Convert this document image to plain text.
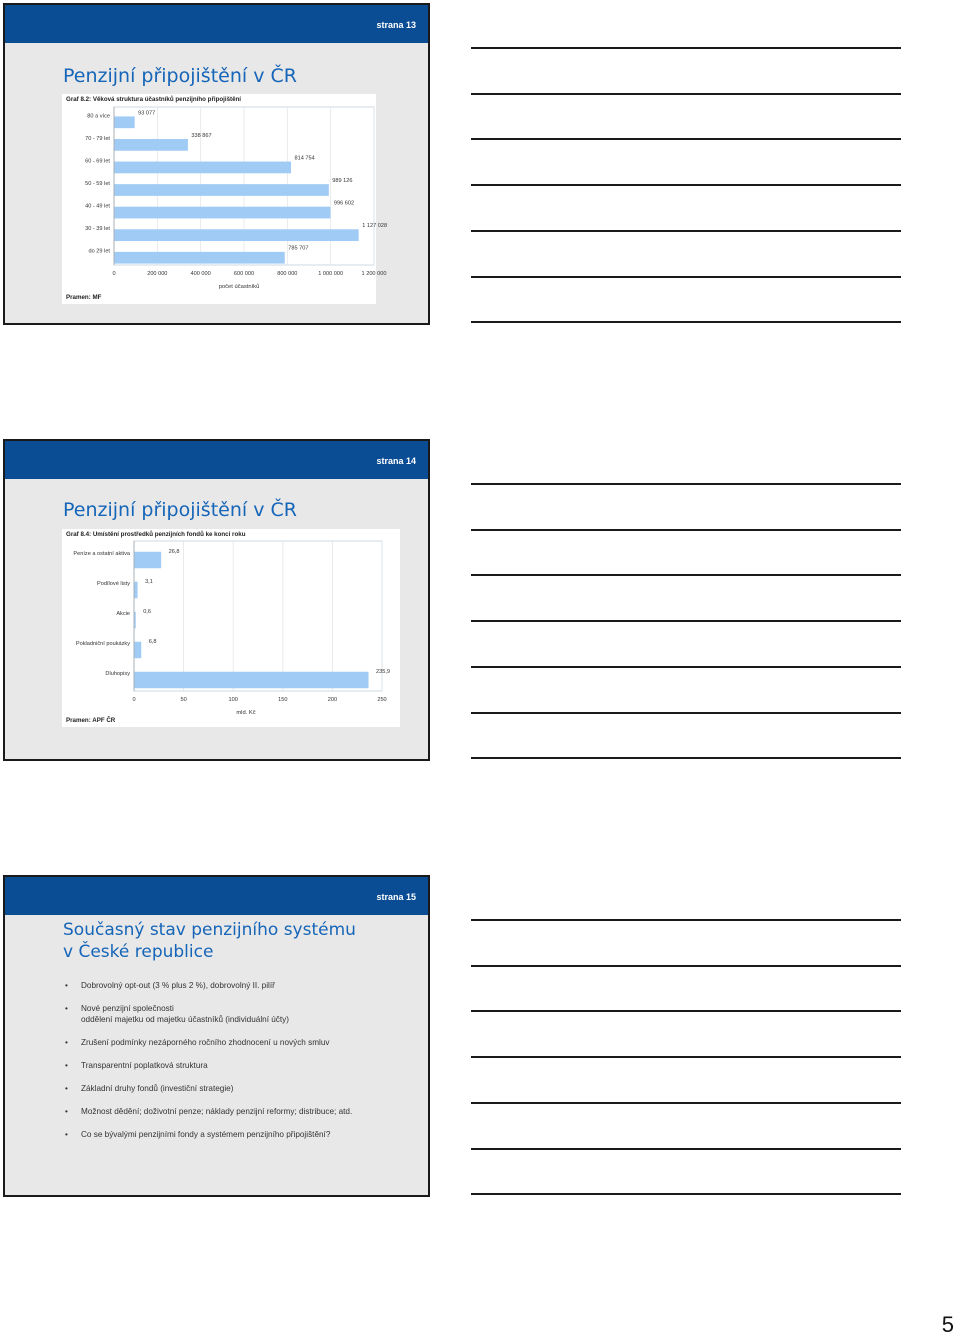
strana 13
Penzijní připojištění v ČR
Graf 8.2: Věková struktura účastníků penzijního připojištění
0	200 000	400 000	600 000	800 000	1 000 000	1 200 000
80 a více	93 077
70 - 79 let	338 867
60 - 69 let	814 754
50 - 59 let	989 126
40 - 49 let	996 602
30 - 39 let	1 127 028
do 29 let	785 707
počet účastníků
Pramen: MF
strana 14
Penzijní připojištění v ČR
Graf 8.4: Umístění prostředků penzijních fondů ke konci roku
0	50	100	150	200	250
Peníze a ostatní aktiva	26,8
Podílové listy	3,1
Akcie 0,6
Pokladniční poukázky	6,8
Dluhopisy	235,9
mld. Kč
Pramen: APF ČR
strana 15
Současný stav penzijního systému
v České republice
• Dobrovolný opt-out (3 % plus 2 %), dobrovolný II. pilíř
• Nové penzijní společnosti
oddělení majetku od majetku účastníků (individuální účty)
• Zrušení podmínky nezáporného ročního zhodnocení u nových smluv
• Transparentní poplatková struktura
• Základní druhy fondů (investiční strategie)
• Možnost dědění; doživotní penze; náklady penzijní reformy; distribuce; atd.
• Co se bývalými penzijními fondy a systémem penzijního připojištění?
5
